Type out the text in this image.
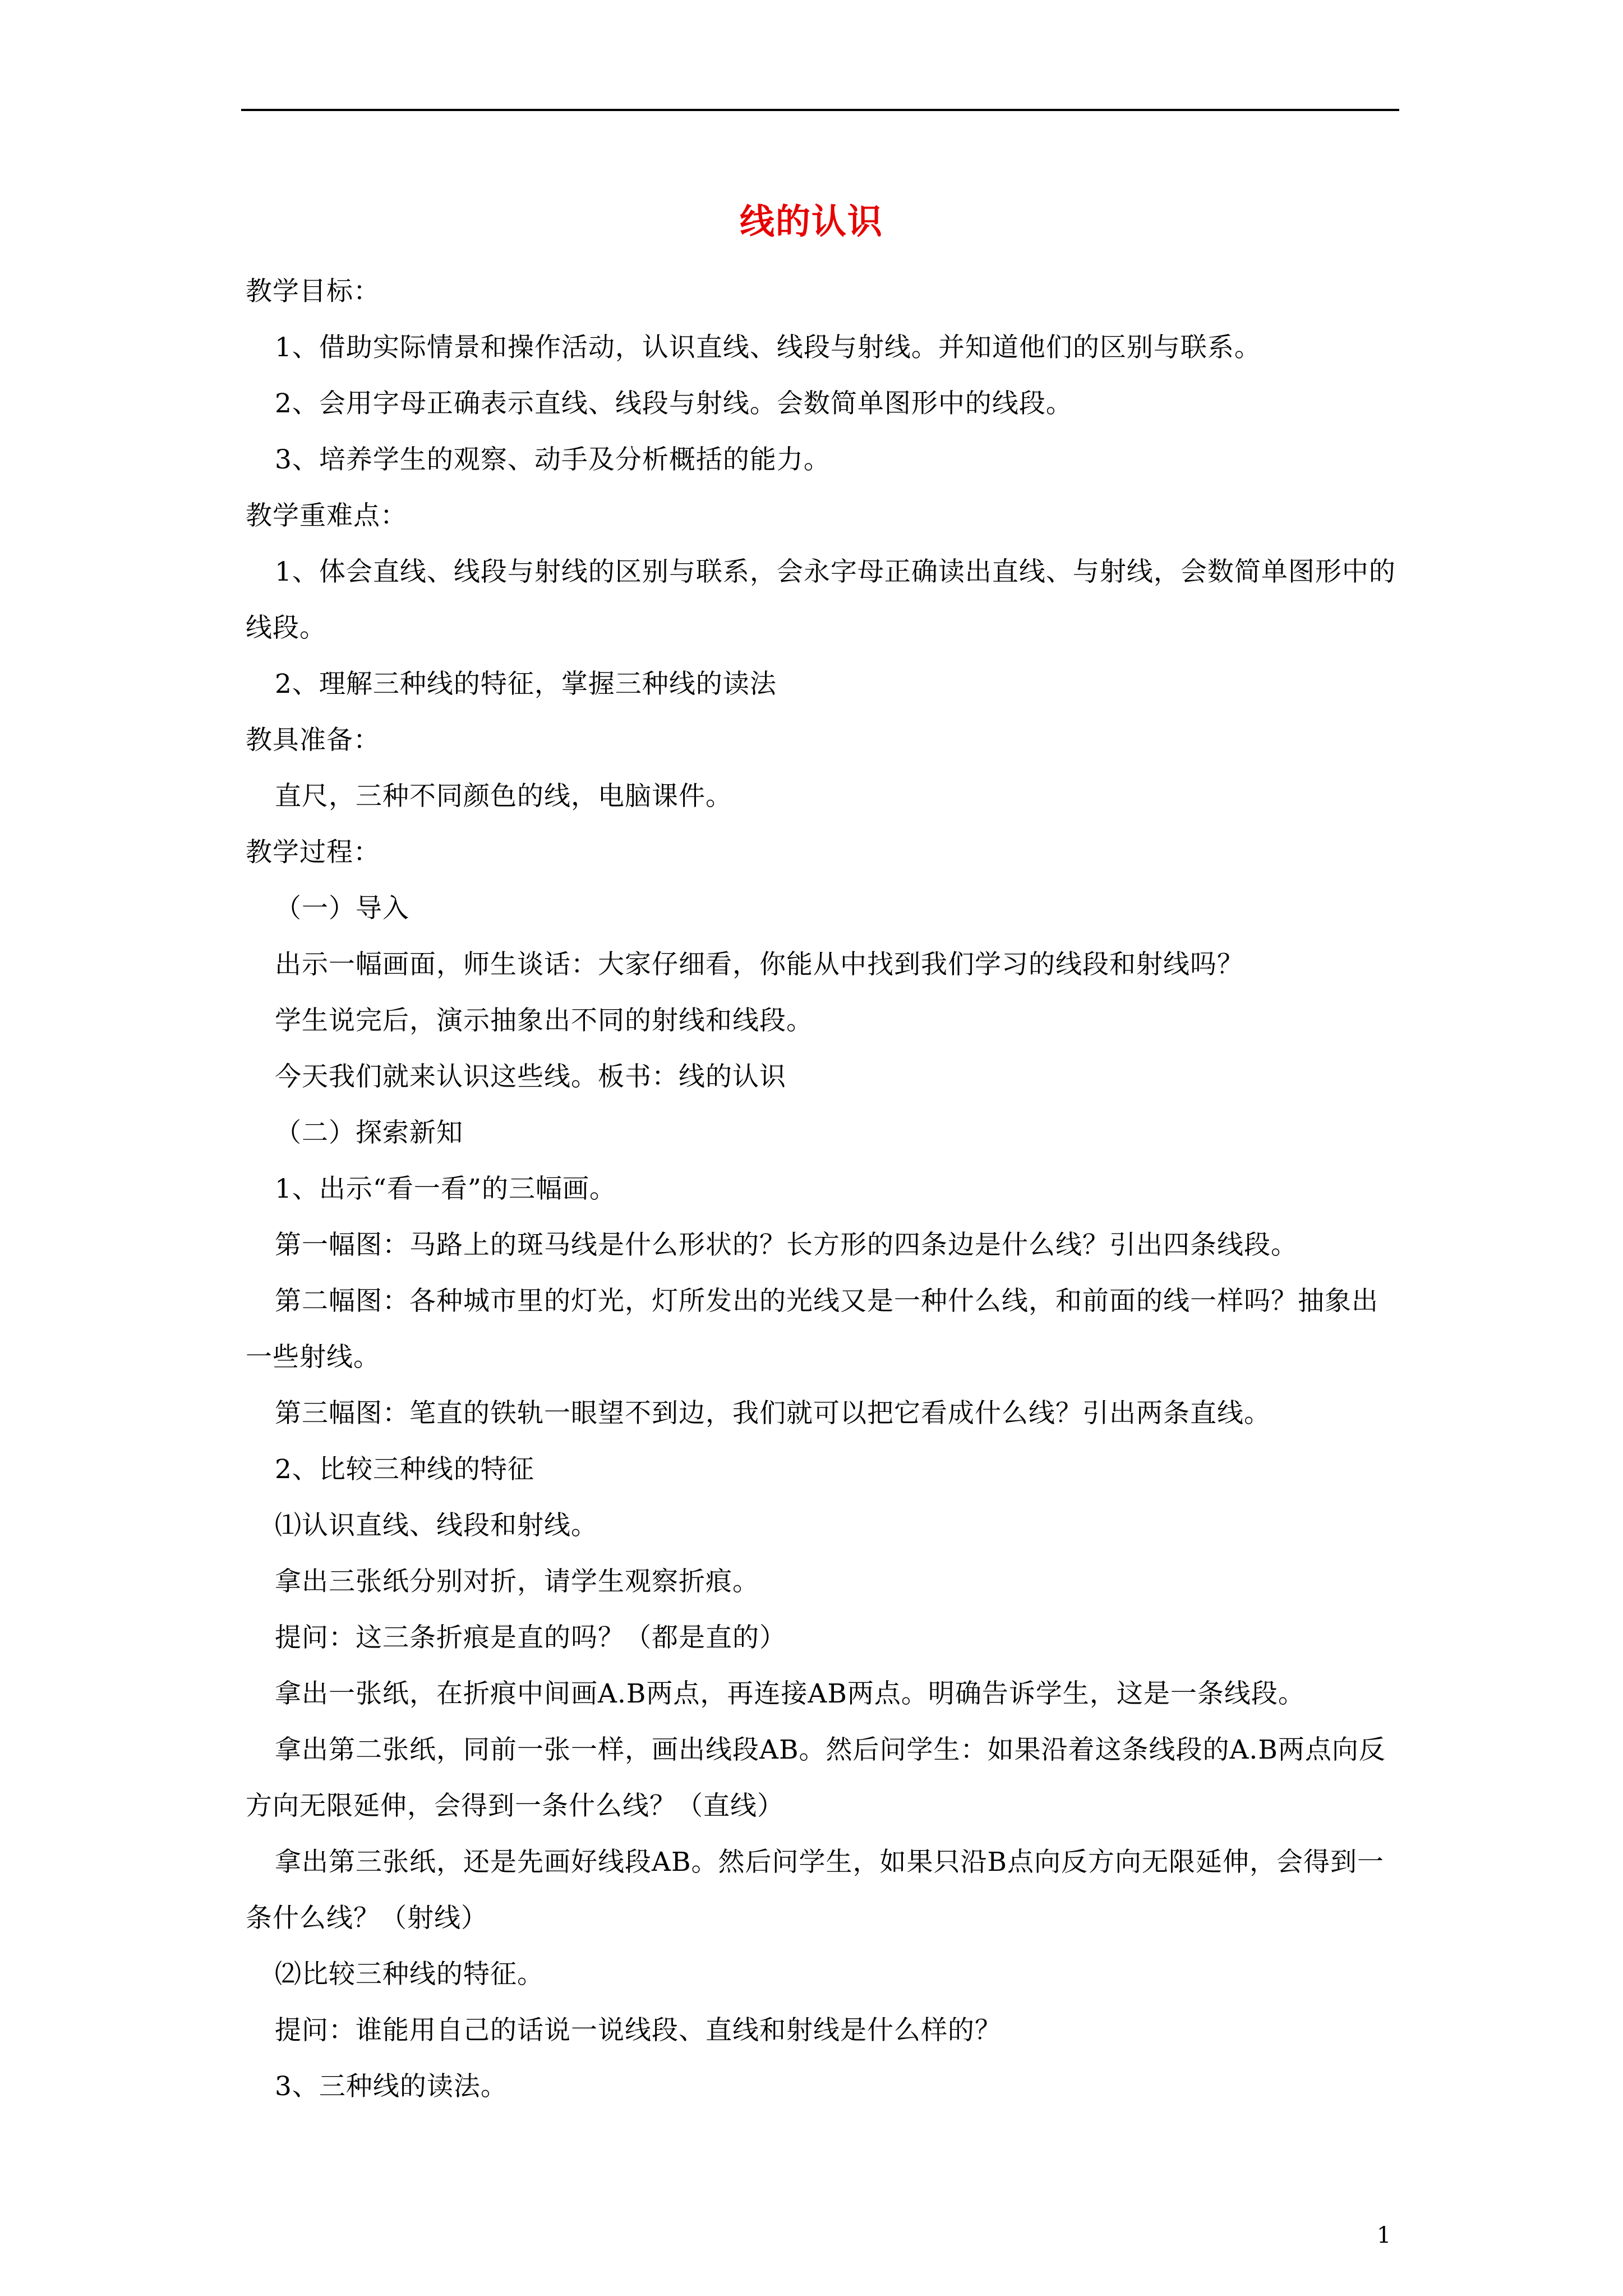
线的认识

教学目标：

1、借助实际情景和操作活动，认识直线、线段与射线。并知道他们的区别与联系。

2、会用字母正确表示直线、线段与射线。会数简单图形中的线段。

3、培养学生的观察、动手及分析概括的能力。

教学重难点：

1、体会直线、线段与射线的区别与联系，会永字母正确读出直线、与射线，会数简单图形中的线段。

2、理解三种线的特征，掌握三种线的读法

教具准备：

直尺，三种不同颜色的线，电脑课件。

教学过程：

（一）导入

出示一幅画面，师生谈话：大家仔细看，你能从中找到我们学习的线段和射线吗？

学生说完后，演示抽象出不同的射线和线段。

今天我们就来认识这些线。板书：线的认识

（二）探索新知

1、出示“看一看”的三幅画。

第一幅图：马路上的斑马线是什么形状的？长方形的四条边是什么线？引出四条线段。

第二幅图：各种城市里的灯光，灯所发出的光线又是一种什么线，和前面的线一样吗？抽象出一些射线。

第三幅图：笔直的铁轨一眼望不到边，我们就可以把它看成什么线？引出两条直线。

2、比较三种线的特征

⑴认识直线、线段和射线。

拿出三张纸分别对折，请学生观察折痕。

提问：这三条折痕是直的吗？（都是直的）

拿出一张纸，在折痕中间画A.B两点，再连接AB两点。明确告诉学生，这是一条线段。

拿出第二张纸，同前一张一样，画出线段AB。然后问学生：如果沿着这条线段的A.B两点向反方向无限延伸，会得到一条什么线？（直线）

拿出第三张纸，还是先画好线段AB。然后问学生，如果只沿B点向反方向无限延伸，会得到一条什么线？（射线）

⑵比较三种线的特征。

提问：谁能用自己的话说一说线段、直线和射线是什么样的？

3、三种线的读法。

1
